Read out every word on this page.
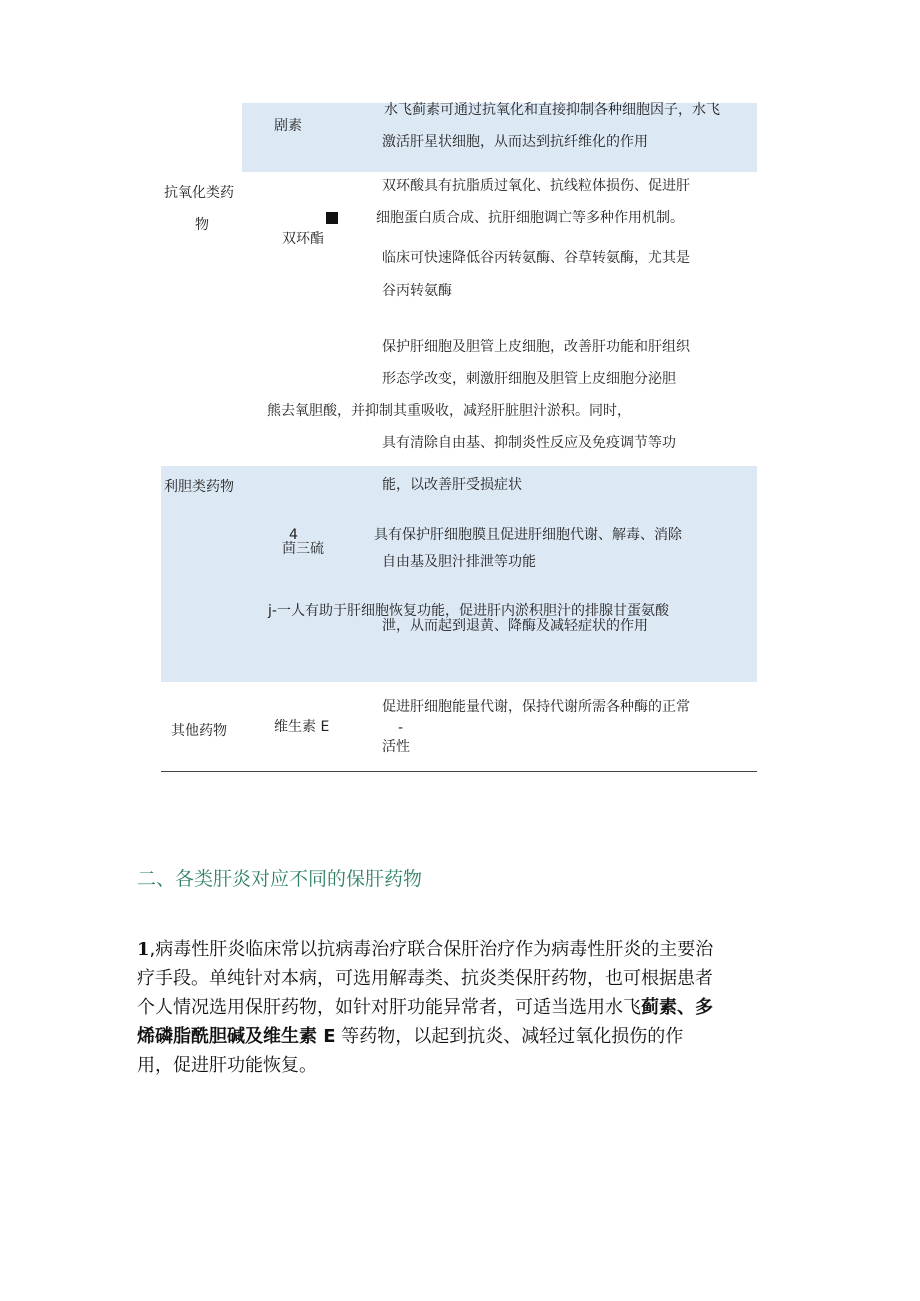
剧素
水飞蓟素可通过抗氧化和直接抑制各种细胞因子，水飞
激活肝星状细胞，从而达到抗纤维化的作用
抗氧化类药
物
双环酯
双环酸具有抗脂质过氧化、抗线粒体损伤、促进肝
细胞蛋白质合成、抗肝细胞调亡等多种作用机制。
临床可快速降低谷丙转氨酶、谷草转氨酶，尤其是
谷丙转氨酶
保护肝细胞及胆管上皮细胞，改善肝功能和肝组织
形态学改变，刺激肝细胞及胆管上皮细胞分泌胆
熊去氧胆酸，并抑制其重吸收，减羟肝脏胆汁淤积。同时，
具有清除自由基、抑制炎性反应及免疫调节等功
能，以改善肝受损症状
利胆类药物
4
茴三硫
具有保护肝细胞膜且促进肝细胞代谢、解毒、消除
自由基及胆汁排泄等功能
j-一人有助于肝细胞恢复功能，促进肝内淤积胆汁的排腺甘蛋氨酸
泄，从而起到退黄、降酶及减轻症状的作用
其他药物	维生素 E
促进肝细胞能量代谢，保持代谢所需各种酶的正常
-
活性
二、各类肝炎对应不同的保肝药物
1,病毒性肝炎临床常以抗病毒治疗联合保肝治疗作为病毒性肝炎的主要治
疗手段。单纯针对本病，可选用解毒类、抗炎类保肝药物，也可根据患者
个人情况选用保肝药物，如针对肝功能异常者，可适当选用水飞蓟素、多
烯磷脂酰胆碱及维生素 E 等药物，以起到抗炎、减轻过氧化损伤的作
用，促进肝功能恢复。
